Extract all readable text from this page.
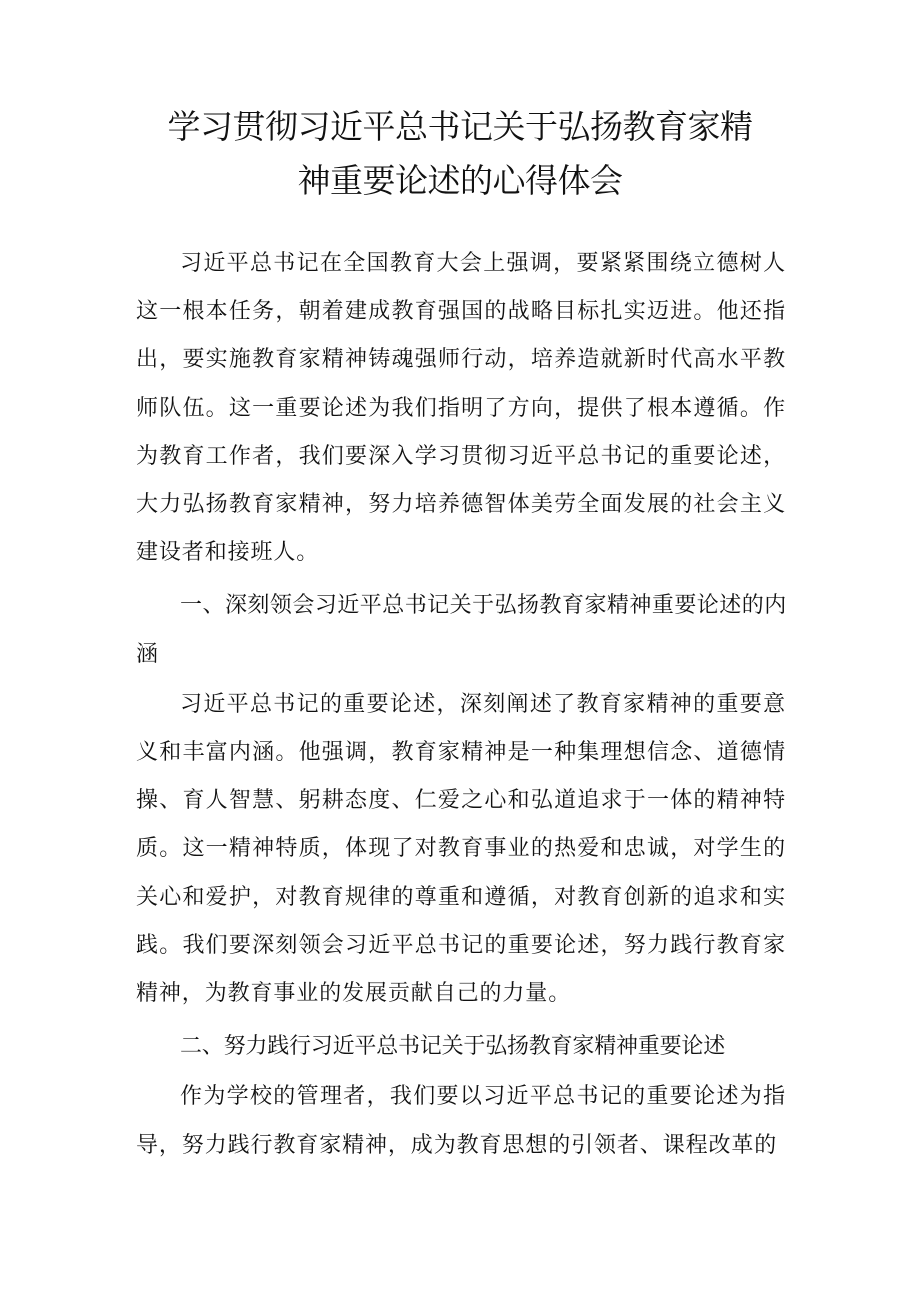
学习贯彻习近平总书记关于弘扬教育家精
神重要论述的心得体会

习近平总书记在全国教育大会上强调，要紧紧围绕立德树人这一根本任务，朝着建成教育强国的战略目标扎实迈进。他还指出，要实施教育家精神铸魂强师行动，培养造就新时代高水平教师队伍。这一重要论述为我们指明了方向，提供了根本遵循。作为教育工作者，我们要深入学习贯彻习近平总书记的重要论述，大力弘扬教育家精神，努力培养德智体美劳全面发展的社会主义建设者和接班人。

一、深刻领会习近平总书记关于弘扬教育家精神重要论述的内涵

习近平总书记的重要论述，深刻阐述了教育家精神的重要意义和丰富内涵。他强调，教育家精神是一种集理想信念、道德情操、育人智慧、躬耕态度、仁爱之心和弘道追求于一体的精神特质。这一精神特质，体现了对教育事业的热爱和忠诚，对学生的关心和爱护，对教育规律的尊重和遵循，对教育创新的追求和实践。我们要深刻领会习近平总书记的重要论述，努力践行教育家精神，为教育事业的发展贡献自己的力量。

二、努力践行习近平总书记关于弘扬教育家精神重要论述

作为学校的管理者，我们要以习近平总书记的重要论述为指导，努力践行教育家精神，成为教育思想的引领者、课程改革的
